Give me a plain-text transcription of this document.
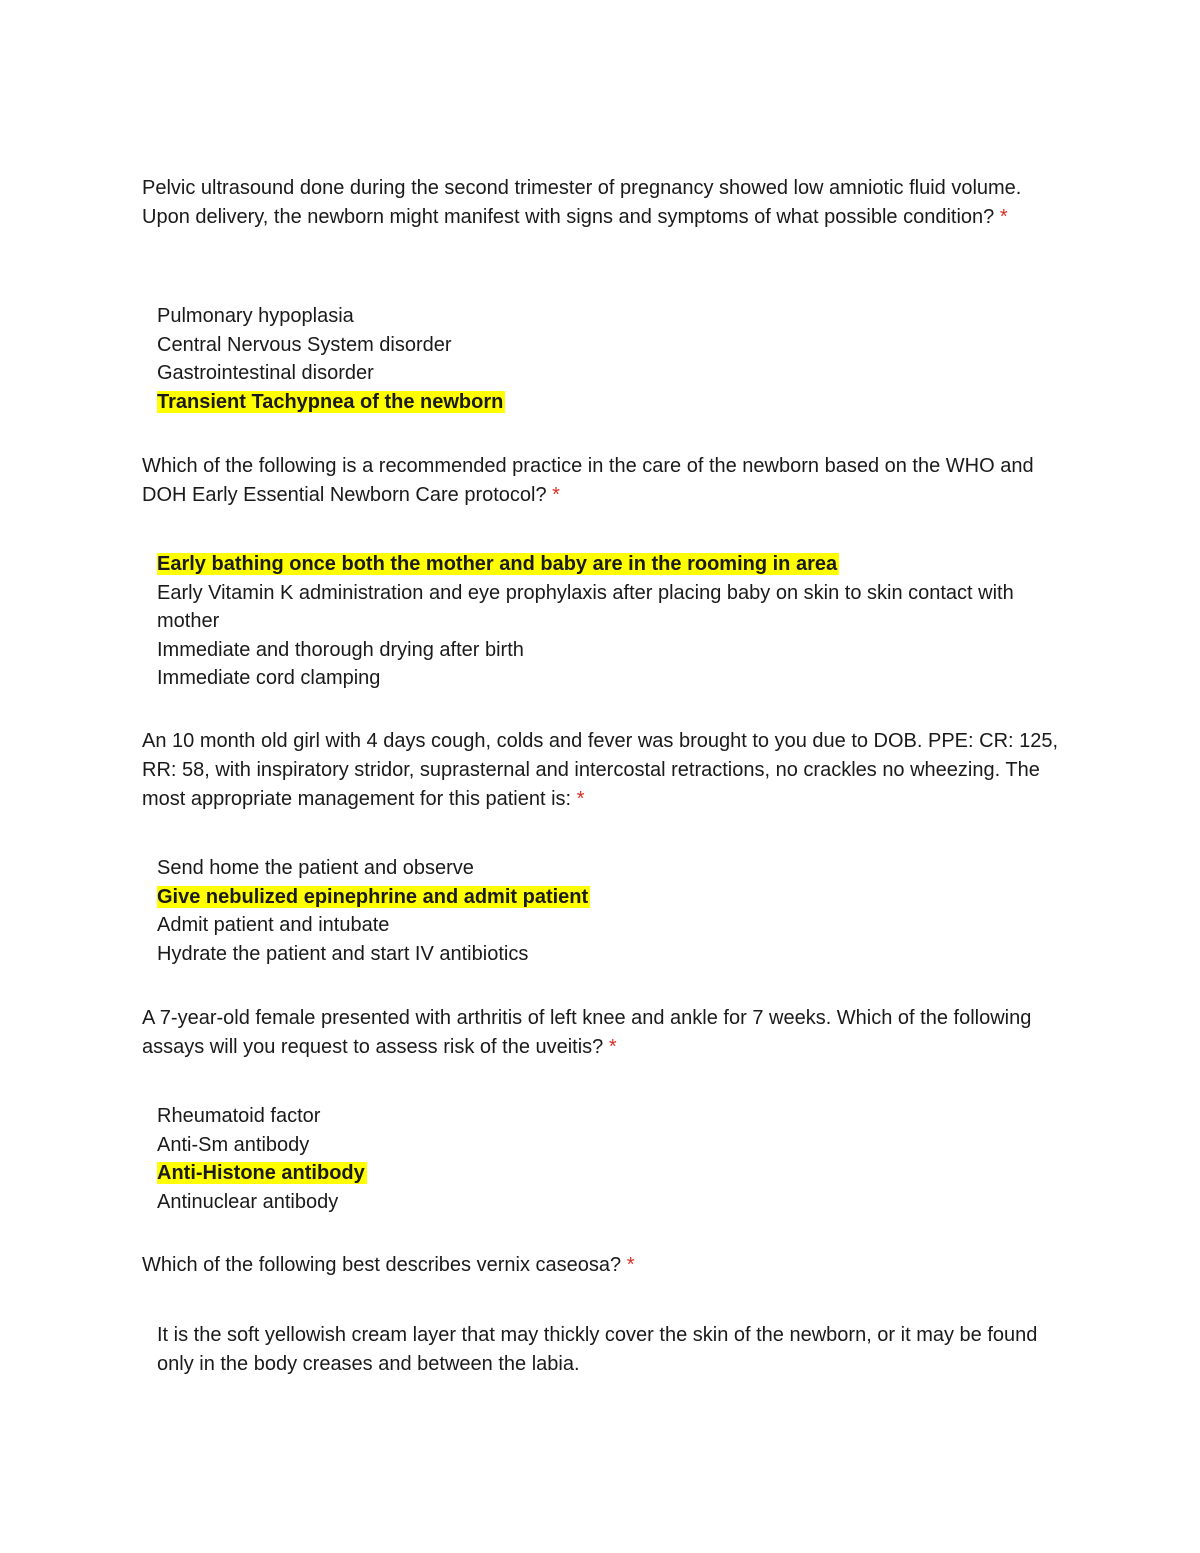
Pelvic ultrasound done during the second trimester of pregnancy showed low amniotic fluid volume. Upon delivery, the newborn might manifest with signs and symptoms of what possible condition? *

Pulmonary hypoplasia
Central Nervous System disorder
Gastrointestinal disorder
Transient Tachypnea of the newborn

Which of the following is a recommended practice in the care of the newborn based on the WHO and DOH Early Essential Newborn Care protocol? *

Early bathing once both the mother and baby are in the rooming in area
Early Vitamin K administration and eye prophylaxis after placing baby on skin to skin contact with mother
Immediate and thorough drying after birth
Immediate cord clamping

An 10 month old girl with 4 days cough, colds and fever was brought to you due to DOB. PPE: CR: 125, RR: 58, with inspiratory stridor, suprasternal and intercostal retractions, no crackles no wheezing. The most appropriate management for this patient is: *

Send home the patient and observe
Give nebulized epinephrine and admit patient
Admit patient and intubate
Hydrate the patient and start IV antibiotics

A 7-year-old female presented with arthritis of left knee and ankle for 7 weeks. Which of the following assays will you request to assess risk of the uveitis? *

Rheumatoid factor
Anti-Sm antibody
Anti-Histone antibody
Antinuclear antibody

Which of the following best describes vernix caseosa? *

It is the soft yellowish cream layer that may thickly cover the skin of the newborn, or it may be found only in the body creases and between the labia.
